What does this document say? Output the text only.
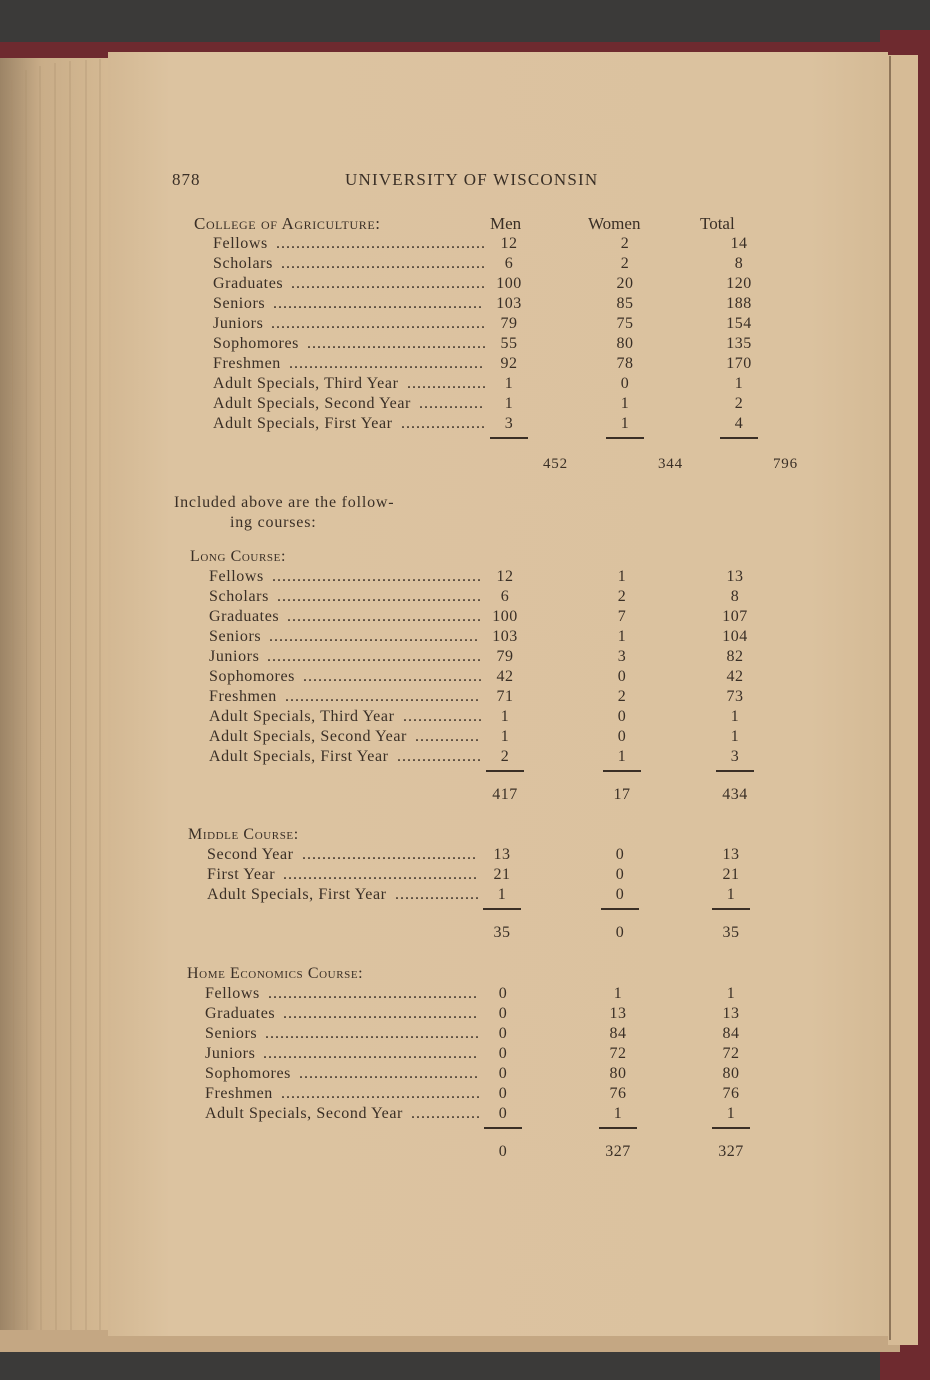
878	UNIVERSITY OF WISCONSIN
College of Agriculture:	Men	Women	Total
Fellows .......................................... 12	2	14
Scholars .........................................	6	2	8
Graduates ....................................... 100	20	120
Seniors .......................................... 103	85	188
Juniors ........................................... 79	75	154
Sophomores .................................... 55	80	135
Freshmen .......................................	92	78	170
Adult Specials, Third Year ................	1	0	1
Adult Specials, Second Year .............	1	1	2
Adult Specials, First Year .................	3	1	4
452	344	796
Included above are the follow-
ing courses:
Long Course:
Fellows .......................................... 12	1	13
Scholars .........................................	6	2	8
Graduates ....................................... 100	7	107
Seniors .......................................... 103	1	104
Juniors ........................................... 79	3	82
Sophomores .................................... 42	0	42
Freshmen .......................................	71	2	73
Adult Specials, Third Year ................	1	0	1
Adult Specials, Second Year .............	1	0	1
Adult Specials, First Year .................	2	1	3
417	17	434
Middle Course:
Second Year ...................................	13	0	13
First Year ....................................... 21	0	21
Adult Specials, First Year .................	1	0	1
35	0	35
Home Economics Course:
Fellows ..........................................	0	1	1
Graduates .......................................	0	13	13
Seniors ...........................................	0	84	84
Juniors ...........................................	0	72	72
Sophomores ....................................	0	80	80
Freshmen ........................................	0	76	76
Adult Specials, Second Year ..............	0	1	1
0	327	327
